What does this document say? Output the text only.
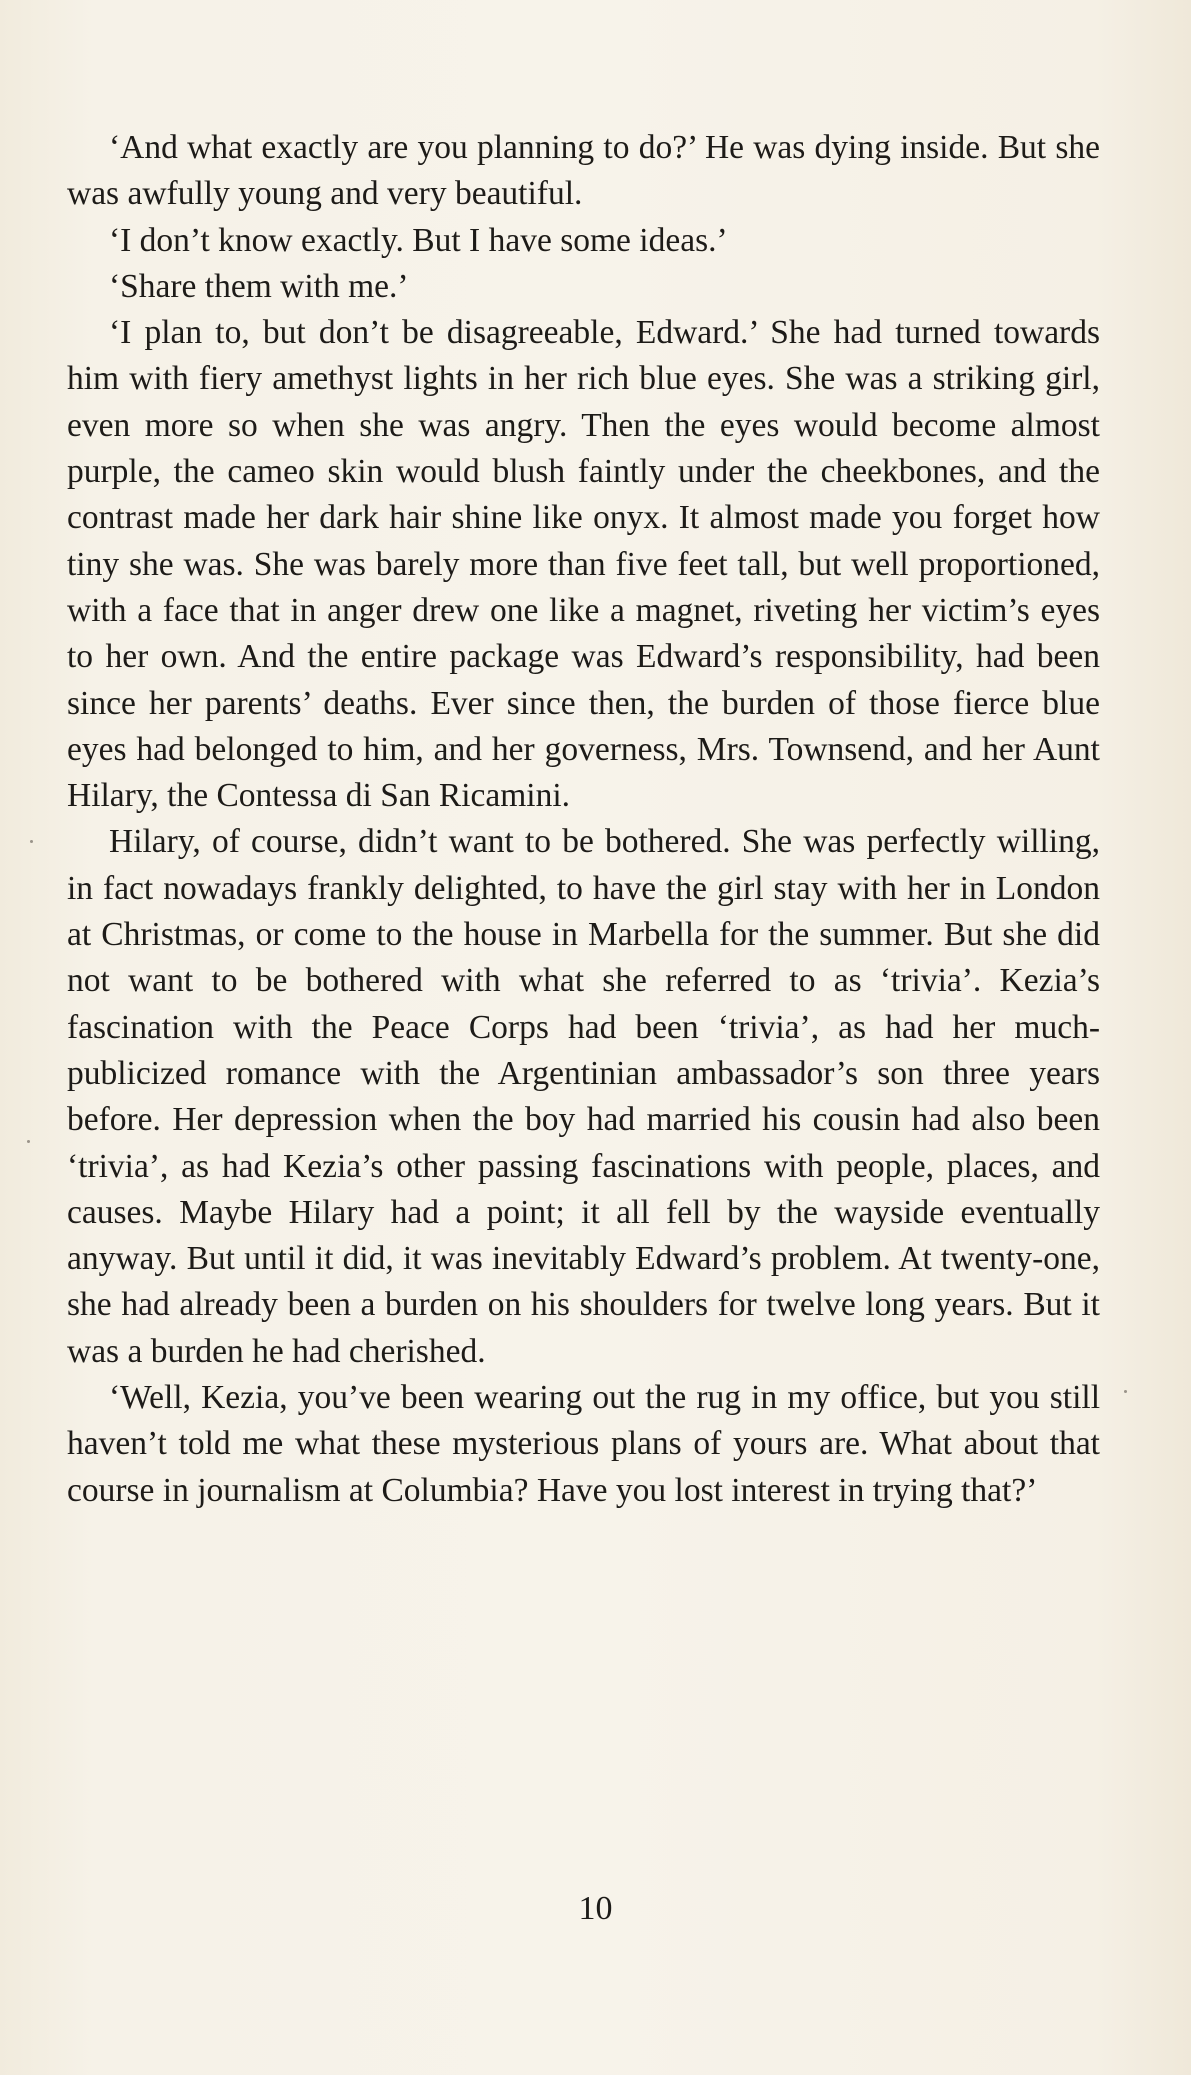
‘And what exactly are you planning to do?’ He was dying inside. But she was awfully young and very beautiful.

‘I don’t know exactly. But I have some ideas.’

‘Share them with me.’

‘I plan to, but don’t be disagreeable, Edward.’ She had turned towards him with fiery amethyst lights in her rich blue eyes. She was a striking girl, even more so when she was angry. Then the eyes would become almost purple, the cameo skin would blush faintly under the cheekbones, and the contrast made her dark hair shine like onyx. It almost made you forget how tiny she was. She was barely more than five feet tall, but well proportioned, with a face that in anger drew one like a magnet, riveting her victim’s eyes to her own. And the entire package was Edward’s responsibility, had been since her parents’ deaths. Ever since then, the burden of those fierce blue eyes had belonged to him, and her governess, Mrs. Townsend, and her Aunt Hilary, the Contessa di San Ricamini.

Hilary, of course, didn’t want to be bothered. She was perfectly willing, in fact nowadays frankly delighted, to have the girl stay with her in London at Christmas, or come to the house in Marbella for the summer. But she did not want to be bothered with what she referred to as ‘trivia’. Kezia’s fascination with the Peace Corps had been ‘trivia’, as had her much-publicized romance with the Argentinian ambassador’s son three years before. Her depression when the boy had married his cousin had also been ‘trivia’, as had Kezia’s other passing fascinations with people, places, and causes. Maybe Hilary had a point; it all fell by the wayside eventually anyway. But until it did, it was inevitably Edward’s problem. At twenty-one, she had already been a burden on his shoulders for twelve long years. But it was a burden he had cherished.

‘Well, Kezia, you’ve been wearing out the rug in my office, but you still haven’t told me what these mysterious plans of yours are. What about that course in journalism at Columbia? Have you lost interest in trying that?’

10
